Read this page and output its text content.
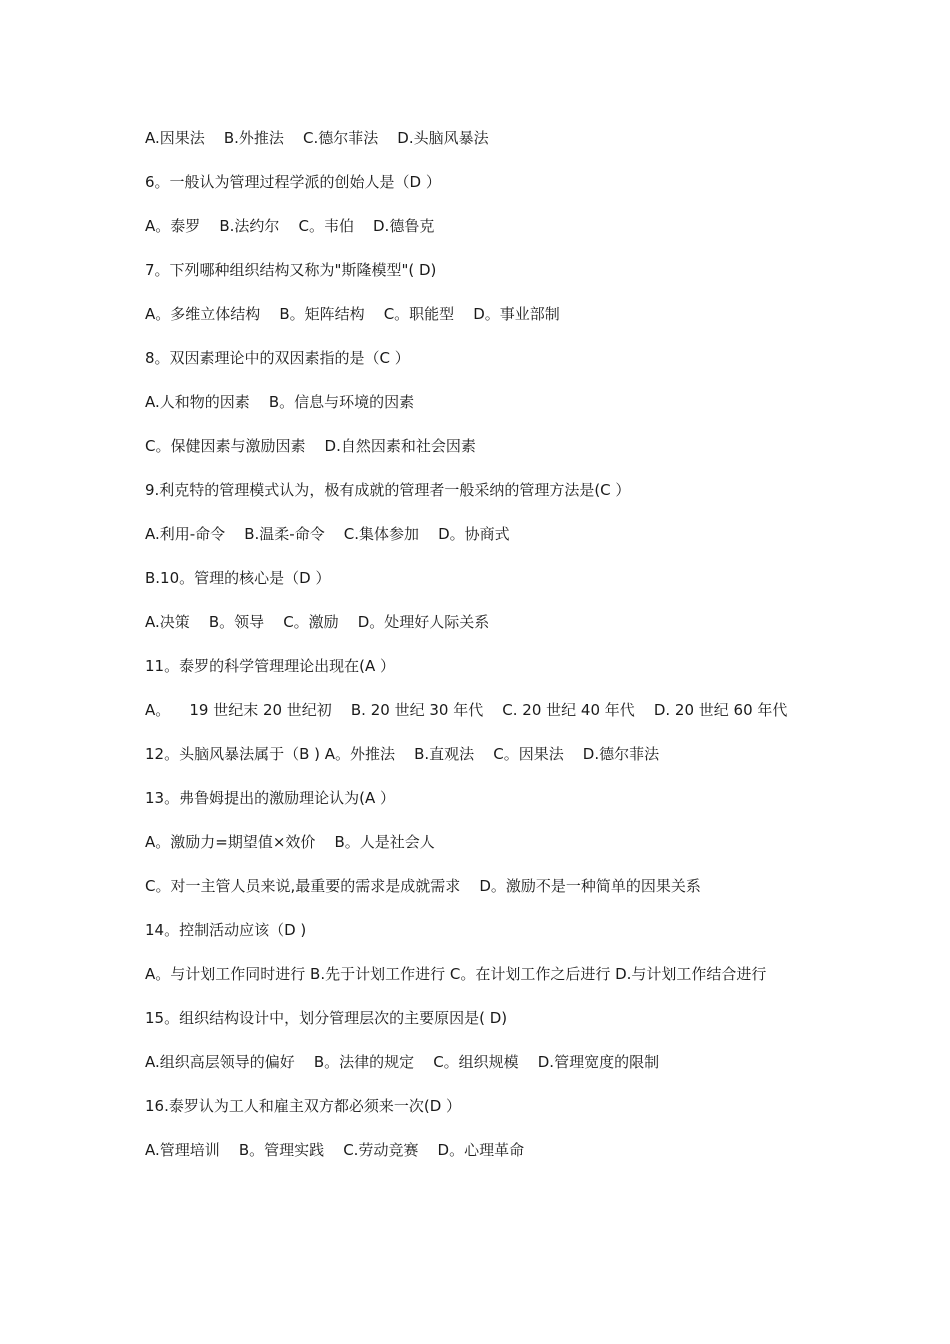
A.因果法    B.外推法    C.德尔菲法    D.头脑风暴法
6。一般认为管理过程学派的创始人是（D ）
A。泰罗    B.法约尔    C。韦伯    D.德鲁克
7。下列哪种组织结构又称为"斯隆模型"( D)
A。多维立体结构    B。矩阵结构    C。职能型    D。事业部制
8。双因素理论中的双因素指的是（C ）
A.人和物的因素    B。信息与环境的因素
C。保健因素与激励因素    D.自然因素和社会因素
9.利克特的管理模式认为，极有成就的管理者一般采纳的管理方法是(C ）
A.利用-命令    B.温柔-命令    C.集体参加    D。协商式
B.10。管理的核心是（D ）
A.决策    B。领导    C。激励    D。处理好人际关系
11。泰罗的科学管理理论出现在(A ）
A。    19 世纪末 20 世纪初    B. 20 世纪 30 年代    C. 20 世纪 40 年代    D. 20 世纪 60 年代
12。头脑风暴法属于（B ) A。外推法    B.直观法    C。因果法    D.德尔菲法
13。弗鲁姆提出的激励理论认为(A ）
A。激励力=期望值×效价    B。人是社会人
C。对一主管人员来说,最重要的需求是成就需求    D。激励不是一种简单的因果关系
14。控制活动应该（D )
A。与计划工作同时进行 B.先于计划工作进行 C。在计划工作之后进行 D.与计划工作结合进行
15。组织结构设计中，划分管理层次的主要原因是( D)
A.组织高层领导的偏好    B。法律的规定    C。组织规模    D.管理宽度的限制
16.泰罗认为工人和雇主双方都必须来一次(D ）
A.管理培训    B。管理实践    C.劳动竞赛    D。心理革命
